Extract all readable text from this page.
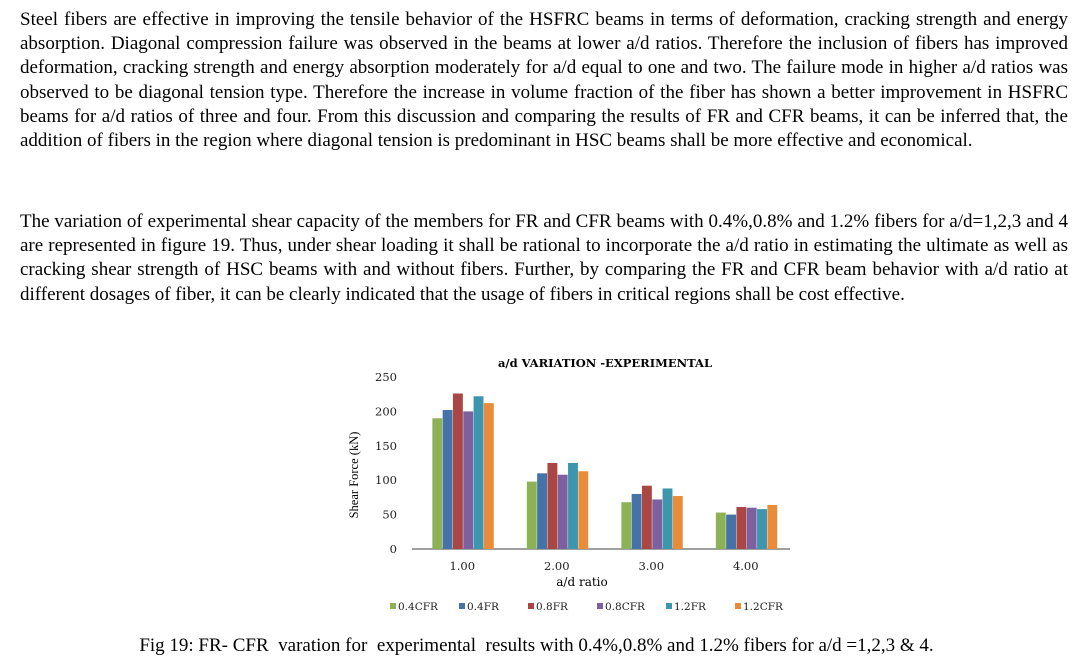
Steel fibers are effective in improving the tensile behavior of the HSFRC beams in terms of deformation, cracking strength and energy absorption. Diagonal compression failure was observed in the beams at lower a/d ratios. Therefore the inclusion of fibers has improved deformation, cracking strength and energy absorption moderately for a/d equal to one and two. The failure mode in higher a/d ratios was observed to be diagonal tension type. Therefore the increase in volume fraction of the fiber has shown a better improvement in HSFRC beams for a/d ratios of three and four. From this discussion and comparing the results of FR and CFR beams, it can be inferred that, the addition of fibers in the region where diagonal tension is predominant in HSC beams shall be more effective and economical.

The variation of experimental shear capacity of the members for FR and CFR beams with 0.4%,0.8% and 1.2% fibers for a/d=1,2,3 and 4 are represented in figure 19. Thus, under shear loading it shall be rational to incorporate the a/d ratio in estimating the ultimate as well as cracking shear strength of HSC beams with and without fibers. Further, by comparing the FR and CFR beam behavior with a/d ratio at different dosages of fiber, it can be clearly indicated that the usage of fibers in critical regions shall be cost effective.

a/d VARIATION -EXPERIMENTAL
Shear Force (kN)
a/d ratio
0
50
100
150
200
250
1.00	2.00	3.00	4.00
0.4CFR	0.4FR	0.8FR	0.8CFR	1.2FR	1.2CFR
Fig 19: FR- CFR  varation for  experimental  results with 0.4%,0.8% and 1.2% fibers for a/d =1,2,3 & 4.
